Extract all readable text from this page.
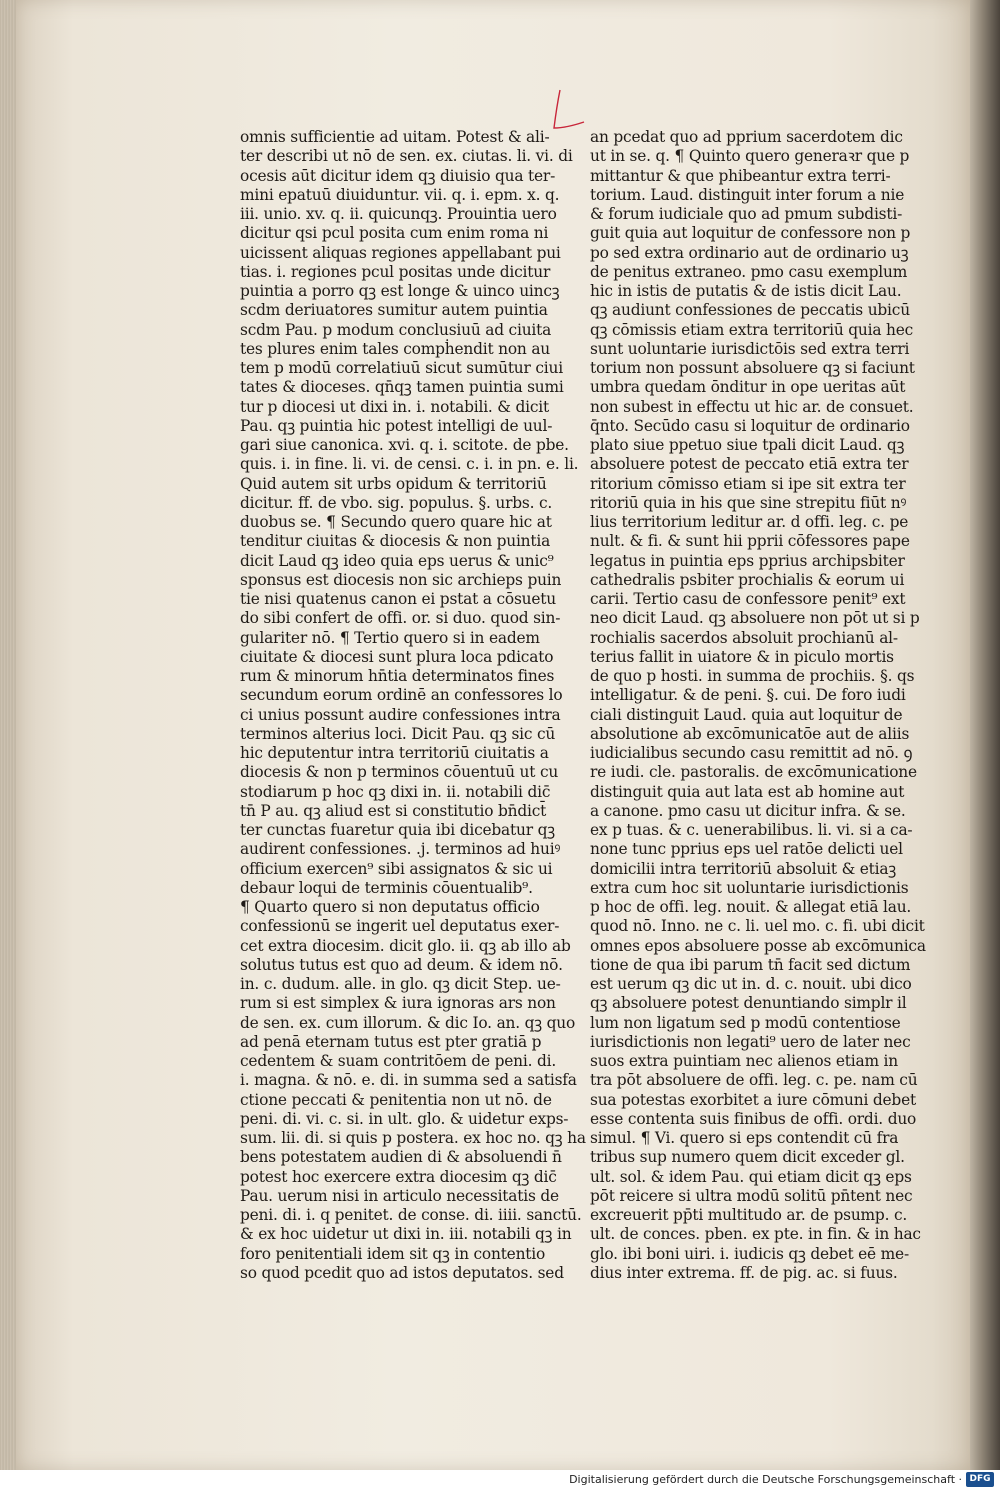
omnis sufficientie ad uitam. Potest & ali-
ter describi ut nō de sen. ex. ciutas. li. vi. di
ocesis aūt dicitur idem qꝫ diuisio qua ter-
mini epatuū diuiduntur. vii. q. i. epm. x. q.
iii. unio. xv. q. ii. quicunqꝫ. Prouintia uero
dicitur qsi pcul posita cum enim roma ni
uicissent aliquas regiones appellabant pui
tias. i. regiones pcul positas unde dicitur
puintia a porro qꝫ est longe & uinco uincꝫ
scdm deriuatores sumitur autem puintia
scdm Pau. p modum conclusiuū ad ciuita
tes plures enim tales compḣendit non au
tem p modū correlatiuū sicut sumūtur ciui
tates & dioceses. qn̄qꝫ tamen puintia sumi
tur p diocesi ut dixi in. i. notabili. & dicit
Pau. qꝫ puintia hic potest intelligi de uul-
gari siue canonica. xvi. q. i. scitote. de pbe.
quis. i. in fine. li. vi. de censi. c. i. in pn. e. li.
Quid autem sit urbs opidum & territoriū
dicitur. ff. de vbo. sig. populus. §. urbs. c.
duobus se. ¶ Secundo quero quare hic at
tenditur ciuitas & diocesis & non puintia
dicit Laud qꝫ ideo quia eps uerus & unic⁹
sponsus est diocesis non sic archieps puin
tie nisi quatenus canon ei pstat a cōsuetu
do sibi confert de offi. or. si duo. quod sin-
gulariter nō. ¶ Tertio quero si in eadem
ciuitate & diocesi sunt plura loca pdicato
rum & minorum hn̄tia determinatos fines
secundum eorum ordinē an confessores lo
ci unius possunt audire confessiones intra
terminos alterius loci. Dicit Pau. qꝫ sic cū
hic deputentur intra territoriū ciuitatis a
diocesis & non p terminos cōuentuū ut cu
stodiarum p hoc qꝫ dixi in. ii. notabili dic̄
tn̄ P au. qꝫ aliud est si constitutio bn̄dict̄
ter cunctas fuaretur quia ibi dicebatur qꝫ
audirent confessiones. .j. terminos ad huiꝰ
officium exercen⁹ sibi assignatos & sic ui
debaur loqui de terminis cōuentualib⁹.
¶ Quarto quero si non deputatus officio
confessionū se ingerit uel deputatus exer-
cet extra diocesim. dicit glo. ii. qꝫ ab illo ab
solutus tutus est quo ad deum. & idem nō.
in. c. dudum. alle. in glo. qꝫ dicit Step. ue-
rum si est simplex & iura ignoras ars non
de sen. ex. cum illorum. & dic Io. an. qꝫ quo
ad penā eternam tutus est pter gratiā p
cedentem & suam contritōem de peni. di.
i. magna. & nō. e. di. in summa sed a satisfa
ctione peccati & penitentia non ut nō. de
peni. di. vi. c. si. in ult. glo. & uidetur exps-
sum. lii. di. si quis p postera. ex hoc no. qꝫ ha
bens potestatem audien di & absoluendi n̄
potest hoc exercere extra diocesim qꝫ dic̄
Pau. uerum nisi in articulo necessitatis de
peni. di. i. q penitet. de conse. di. iiii. sanctū.
& ex hoc uidetur ut dixi in. iii. notabili qꝫ in
foro penitentiali idem sit qꝫ in contentio
so quod pcedit quo ad istos deputatos. sed
an pcedat quo ad pprium sacerdotem dic
ut in se. q. ¶ Quinto quero generaꝛr que p
mittantur & que phibeantur extra terri-
torium. Laud. distinguit inter forum a nie
& forum iudiciale quo ad pmum subdisti-
guit quia aut loquitur de confessore non p
po sed extra ordinario aut de ordinario uꝫ
de penitus extraneo. pmo casu exemplum
hic in istis de putatis & de istis dicit Lau.
qꝫ audiunt confessiones de peccatis ubicū
qꝫ cōmissis etiam extra territoriū quia hec
sunt uoluntarie iurisdictōis sed extra terri
torium non possunt absoluere qꝫ si faciunt
umbra quedam ōnditur in ope ueritas aūt
non subest in effectu ut hic ar. de consuet.
q̄nto. Secūdo casu si loquitur de ordinario
plato siue ppetuo siue tpali dicit Laud. qꝫ
absoluere potest de peccato etiā extra ter
ritorium cōmisso etiam si ipe sit extra ter
ritoriū quia in his que sine strepitu fiūt nꝰ
lius territorium leditur ar. d offi. leg. c. pe
nult. & fi. & sunt hii pprii cōfessores pape
legatus in puintia eps pprius archipsbiter
cathedralis psbiter prochialis & eorum ui
carii. Tertio casu de confessore penit⁹ ext
neo dicit Laud. qꝫ absoluere non pōt ut si p
rochialis sacerdos absoluit prochianū al-
terius fallit in uiatore & in piculo mortis
de quo p hosti. in summa de prochiis. §. qs
intelligatur. & de peni. §. cui. De foro iudi
ciali distinguit Laud. quia aut loquitur de
absolutione ab excōmunicatōe aut de aliis
iudicialibus secundo casu remittit ad nō. ꝯ
re iudi. cle. pastoralis. de excōmunicatione
distinguit quia aut lata est ab homine aut
a canone. pmo casu ut dicitur infra. & se.
ex p tuas. & c. uenerabilibus. li. vi. si a ca-
none tunc pprius eps uel ratōe delicti uel
domicilii intra territoriū absoluit & etiaꝫ
extra cum hoc sit uoluntarie iurisdictionis
p hoc de offi. leg. nouit. & allegat etiā lau.
quod nō. Inno. ne c. li. uel mo. c. fi. ubi dicit
omnes epos absoluere posse ab excōmunica
tione de qua ibi parum tn̄ facit sed dictum
est uerum qꝫ dic ut in. d. c. nouit. ubi dico
qꝫ absoluere potest denuntiando simplr il
lum non ligatum sed p modū contentiose
iurisdictionis non legati⁹ uero de later nec
suos extra puintiam nec alienos etiam in
tra pōt absoluere de offi. leg. c. pe. nam cū
sua potestas exorbitet a iure cōmuni debet
esse contenta suis finibus de offi. ordi. duo
simul. ¶ Vi. quero si eps contendit cū fra
tribus sup numero quem dicit exceder gl.
ult. sol. & idem Pau. qui etiam dicit qꝫ eps
pōt reicere si ultra modū solitū pn̄tent nec
excreuerit pp̄ti multitudo ar. de psump. c.
ult. de conces. pben. ex pte. in fin. & in hac
glo. ibi boni uiri. i. iudicis qꝫ debet eē me-
dius inter extrema. ff. de pig. ac. si fuus.
Digitalisierung gefördert durch die Deutsche Forschungsgemeinschaft · DFG
